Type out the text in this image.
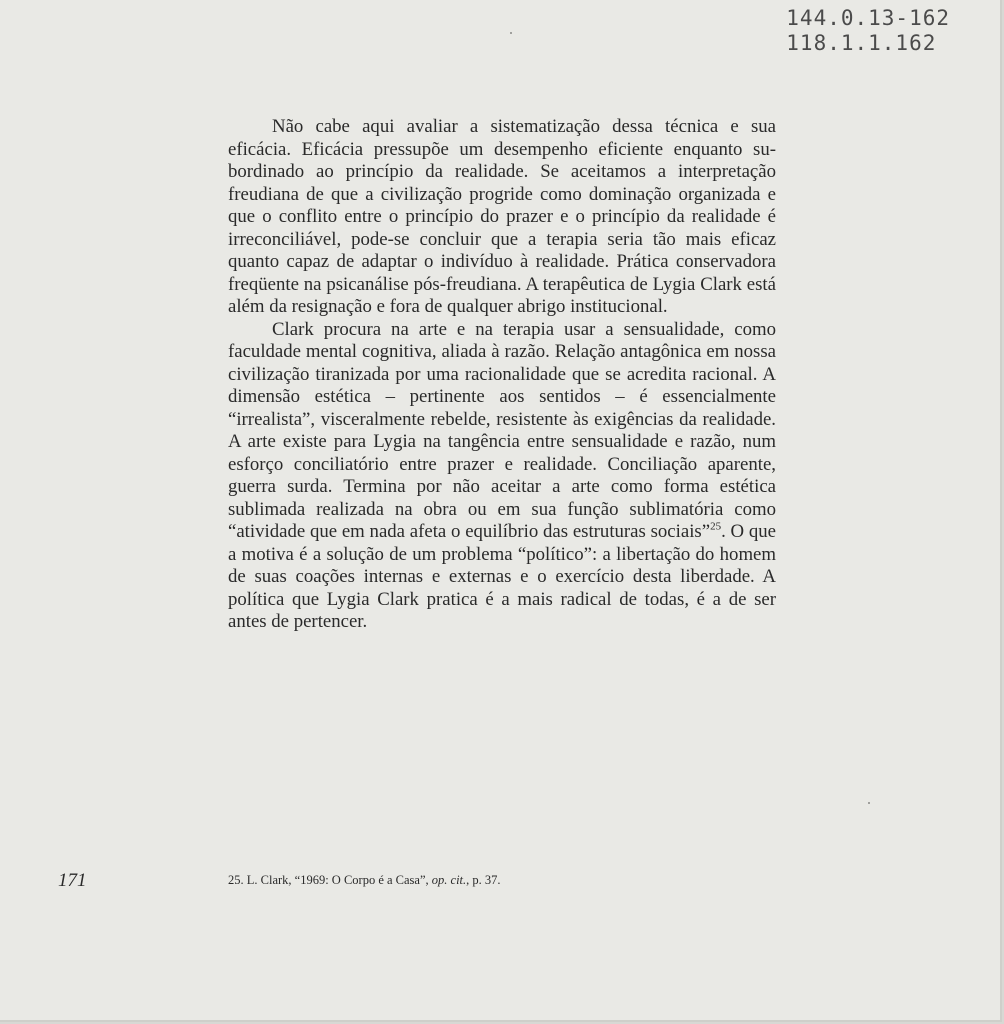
144.0.13-162
118.1.1.162

Não cabe aqui avaliar a sistematização dessa técnica e sua eficácia. Eficácia pressupõe um desempenho eficiente enquanto subordinado ao princípio da realidade. Se aceitamos a interpretação freudiana de que a civilização progride como dominação organizada e que o conflito entre o princípio do prazer e o princípio da realidade é irreconciliável, pode-se concluir que a terapia seria tão mais eficaz quanto capaz de adaptar o indivíduo à realidade. Prática conservadora freqüente na psicanálise pós-freudiana. A terapêutica de Lygia Clark está além da resignação e fora de qualquer abrigo institucional.

Clark procura na arte e na terapia usar a sensualidade, como faculdade mental cognitiva, aliada à razão. Relação antagônica em nossa civilização tiranizada por uma racionalidade que se acredita racional. A dimensão estética – pertinente aos sentidos – é essencialmente “irrealista”, visceralmente rebelde, resistente às exigências da realidade. A arte existe para Lygia na tangência entre sensualidade e razão, num esforço conciliatório entre prazer e realidade. Conciliação aparente, guerra surda. Termina por não aceitar a arte como forma estética sublimada realizada na obra ou em sua função sublimatória como “atividade que em nada afeta o equilíbrio das estruturas sociais”$^{25}$. O que a motiva é a solução de um problema “político”: a libertação do homem de suas coações internas e externas e o exercício desta liberdade. A política que Lygia Clark pratica é a mais radical de todas, é a de ser antes de pertencer.

171	25. L. Clark, “1969: O Corpo é a Casa”, op. cit., p. 37.
